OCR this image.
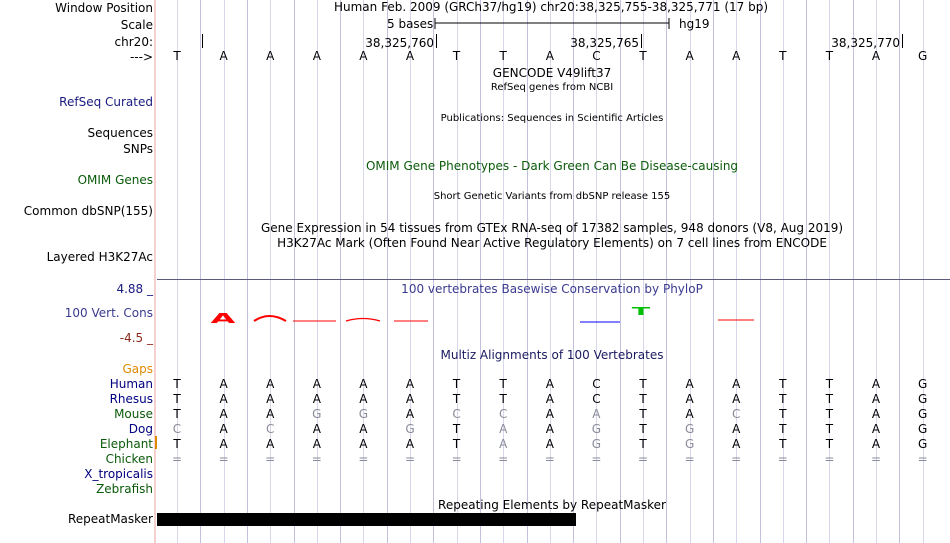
Window Position
Scale
chr20:
--->
RefSeq Curated
Sequences
SNPs
OMIM Genes
Common dbSNP(155)
Layered H3K27Ac
4.88 _
100 Vert. Cons
-4.5 _
Gaps
RepeatMasker
Human Feb. 2009 (GRCh37/hg19) chr20:38,325,755-38,325,771 (17 bp)
5 bases	hg19
38,325,760	38,325,765	38,325,770
T	A	A	A	A	A	T	T	A	C	T	A	A	T	T	A	G
GENCODE V49lift37
RefSeq genes from NCBI
Publications: Sequences in Scientific Articles
OMIM Gene Phenotypes - Dark Green Can Be Disease-causing
Short Genetic Variants from dbSNP release 155
Gene Expression in 54 tissues from GTEx RNA-seq of 17382 samples, 948 donors (V8, Aug 2019)
H3K27Ac Mark (Often Found Near Active Regulatory Elements) on 7 cell lines from ENCODE
100 vertebrates Basewise Conservation by PhyloP
A	T
Multiz Alignments of 100 Vertebrates
Human	T	A	A	A	A	A	T	T	A	C	T	A	A	T	T	A	G
Rhesus	T	A	A	A	A	A	T	T	A	C	T	A	A	T	T	A	G
Mouse	T	A	A	G	G	A	C	C	A	A	T	A	C	T	T	A	G
Dog	C	A	C	A	A	G	T	A	A	G	T	G	A	T	T	A	G
Elephant	T	A	A	A	A	A	T	A	A	G	T	G	A	T	T	A	G
Chicken	=	=	=	=	=	=	=	=	=	=	=	=	=	=	=	=	=
X_tropicalis
Zebrafish
Repeating Elements by RepeatMasker
